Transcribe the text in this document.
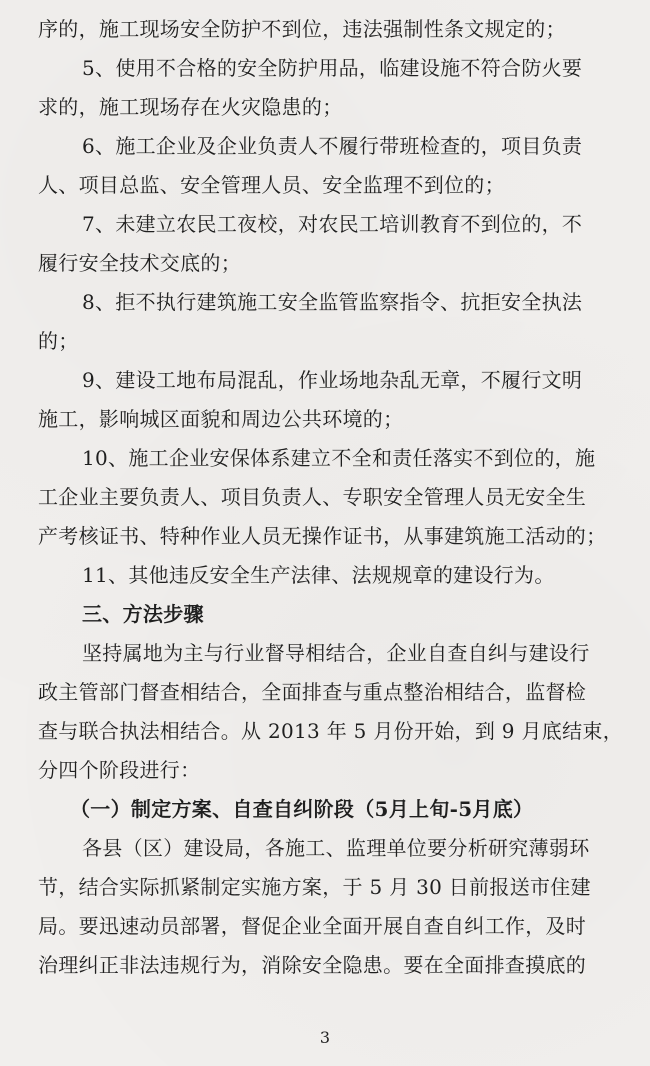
序的，施工现场安全防护不到位，违法强制性条文规定的；
5、使用不合格的安全防护用品，临建设施不符合防火要
求的，施工现场存在火灾隐患的；
6、施工企业及企业负责人不履行带班检查的，项目负责
人、项目总监、安全管理人员、安全监理不到位的；
7、未建立农民工夜校，对农民工培训教育不到位的，不
履行安全技术交底的；
8、拒不执行建筑施工安全监管监察指令、抗拒安全执法
的；
9、建设工地布局混乱，作业场地杂乱无章，不履行文明
施工，影响城区面貌和周边公共环境的；
10、施工企业安保体系建立不全和责任落实不到位的，施
工企业主要负责人、项目负责人、专职安全管理人员无安全生
产考核证书、特种作业人员无操作证书，从事建筑施工活动的；
11、其他违反安全生产法律、法规规章的建设行为。
三、方法步骤
坚持属地为主与行业督导相结合，企业自查自纠与建设行
政主管部门督查相结合，全面排查与重点整治相结合，监督检
查与联合执法相结合。从 2013 年 5 月份开始，到 9 月底结束，
分四个阶段进行：
（一）制定方案、自查自纠阶段（5月上旬-5月底）
各县（区）建设局，各施工、监理单位要分析研究薄弱环
节，结合实际抓紧制定实施方案，于 5 月 30 日前报送市住建
局。要迅速动员部署，督促企业全面开展自查自纠工作，及时
治理纠正非法违规行为，消除安全隐患。要在全面排查摸底的
3
